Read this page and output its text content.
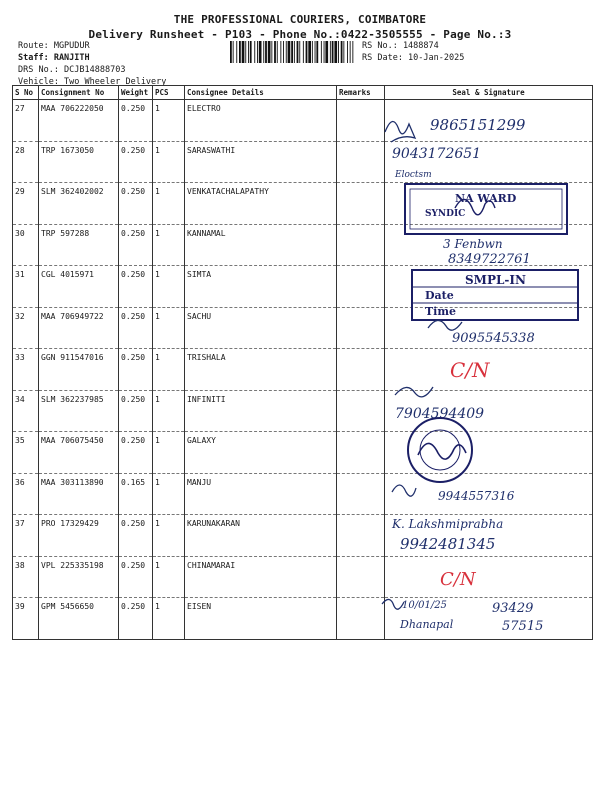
THE PROFESSIONAL COURIERS, COIMBATORE
Delivery Runsheet - P103 - Phone No.:0422-3505555 - Page No.:3
Route: MGPUDUR
Staff: RANJITH
DRS No.: DCJB14888703
Vehicle: Two Wheeler Delivery
RS No.: 1488874
RS Date: 10-Jan-2025
S No	Consignment No	Weight	PCS	Consignee Details	Remarks	Seal & Signature
27	MAA 706222050	0.250	1	ELECTRO		
28	TRP 1673050	0.250	1	SARASWATHI		
29	SLM 362402002	0.250	1	VENKATACHALAPATHY		
30	TRP 597288	0.250	1	KANNAMAL		
31	CGL 4015971	0.250	1	SIMTA		
32	MAA 706949722	0.250	1	SACHU		
33	GGN 911547016	0.250	1	TRISHALA		
34	SLM 362237985	0.250	1	INFINITI		
35	MAA 706075450	0.250	1	GALAXY		
36	MAA 303113890	0.165	1	MANJU		
37	PRO 17329429	0.250	1	KARUNAKARAN		
38	VPL 225335198	0.250	1	CHINAMARAI		
39	GPM 5456650	0.250	1	EISEN		
9865151299
9043172651
Eloctsm
NA WARD
SYNDIC
3 Fenbwn
8349722761
SMPL-IN
Date
Time
9095545338
C/N
7904594409
9944557316
K. Lakshmiprabha
9942481345
C/N
10/01/25
Dhanapal
93429
57515
